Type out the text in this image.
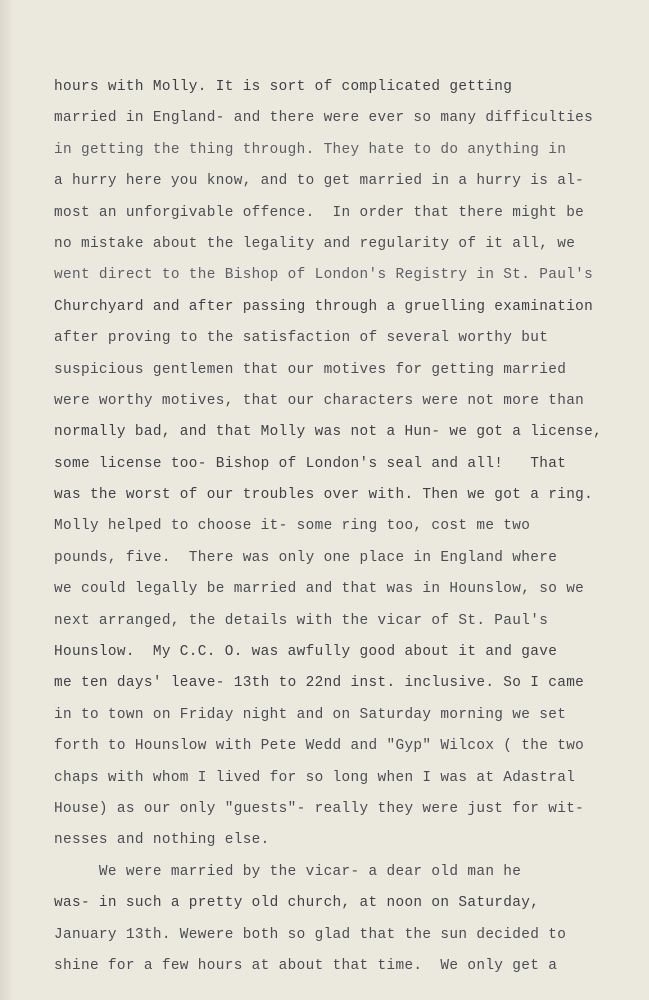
hours with Molly. It is sort of complicated getting
married in England- and there were ever so many difficulties
in getting the thing through. They hate to do anything in
a hurry here you know, and to get married in a hurry is al-
most an unforgivable offence.  In order that there might be
no mistake about the legality and regularity of it all, we
went direct to the Bishop of London's Registry in St. Paul's
Churchyard and after passing through a gruelling examination
after proving to the satisfaction of several worthy but
suspicious gentlemen that our motives for getting married
were worthy motives, that our characters were not more than
normally bad, and that Molly was not a Hun- we got a license,
some license too- Bishop of London's seal and all!   That
was the worst of our troubles over with. Then we got a ring.
Molly helped to choose it- some ring too, cost me two
pounds, five.  There was only one place in England where
we could legally be married and that was in Hounslow, so we
next arranged, the details with the vicar of St. Paul's
Hounslow.  My C.C. O. was awfully good about it and gave
me ten days' leave- 13th to 22nd inst. inclusive. So I came
in to town on Friday night and on Saturday morning we set
forth to Hounslow with Pete Wedd and "Gyp" Wilcox ( the two
chaps with whom I lived for so long when I was at Adastral
House) as our only "guests"- really they were just for wit-
nesses and nothing else.
We were married by the vicar- a dear old man he
was- in such a pretty old church, at noon on Saturday,
January 13th. Wewere both so glad that the sun decided to
shine for a few hours at about that time.  We only get a
